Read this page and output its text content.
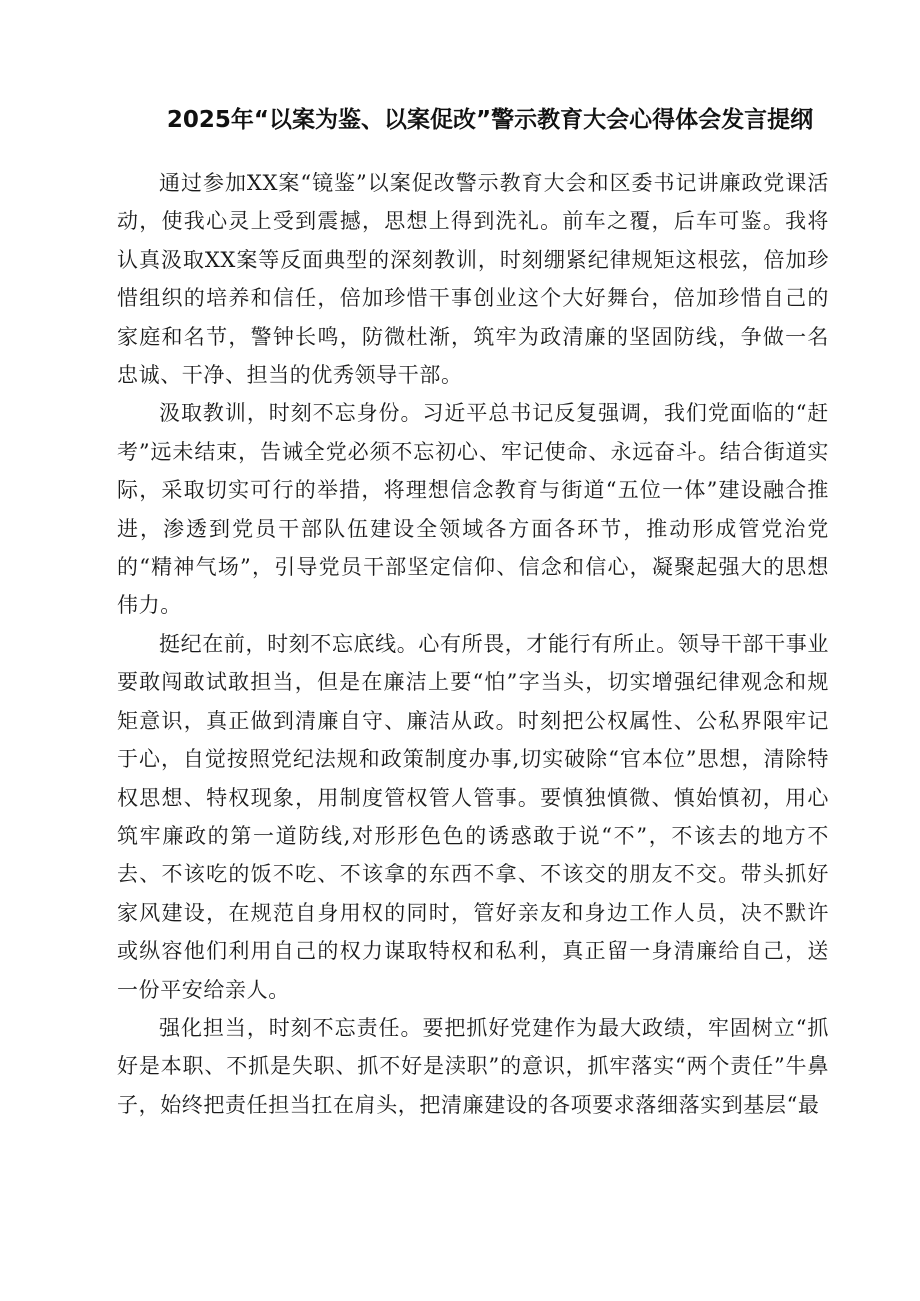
2025年“以案为鉴、以案促改”警示教育大会心得体会发言提纲

通过参加XX案“镜鉴”以案促改警示教育大会和区委书记讲廉政党课活动，使我心灵上受到震撼，思想上得到洗礼。前车之覆，后车可鉴。我将认真汲取XX案等反面典型的深刻教训，时刻绷紧纪律规矩这根弦，倍加珍惜组织的培养和信任，倍加珍惜干事创业这个大好舞台，倍加珍惜自己的家庭和名节，警钟长鸣，防微杜渐，筑牢为政清廉的坚固防线，争做一名忠诚、干净、担当的优秀领导干部。

汲取教训，时刻不忘身份。习近平总书记反复强调，我们党面临的“赶考”远未结束，告诫全党必须不忘初心、牢记使命、永远奋斗。结合街道实际，采取切实可行的举措，将理想信念教育与街道“五位一体”建设融合推进，渗透到党员干部队伍建设全领域各方面各环节，推动形成管党治党的“精神气场”，引导党员干部坚定信仰、信念和信心，凝聚起强大的思想伟力。

挺纪在前，时刻不忘底线。心有所畏，才能行有所止。领导干部干事业要敢闯敢试敢担当，但是在廉洁上要“怕”字当头，切实增强纪律观念和规矩意识，真正做到清廉自守、廉洁从政。时刻把公权属性、公私界限牢记于心，自觉按照党纪法规和政策制度办事,切实破除“官本位”思想，清除特权思想、特权现象，用制度管权管人管事。要慎独慎微、慎始慎初，用心筑牢廉政的第一道防线,对形形色色的诱惑敢于说“不”，不该去的地方不去、不该吃的饭不吃、不该拿的东西不拿、不该交的朋友不交。带头抓好家风建设，在规范自身用权的同时，管好亲友和身边工作人员，决不默许或纵容他们利用自己的权力谋取特权和私利，真正留一身清廉给自己，送一份平安给亲人。

强化担当，时刻不忘责任。要把抓好党建作为最大政绩，牢固树立“抓好是本职、不抓是失职、抓不好是渎职”的意识，抓牢落实“两个责任”牛鼻子，始终把责任担当扛在肩头，把清廉建设的各项要求落细落实到基层“最
